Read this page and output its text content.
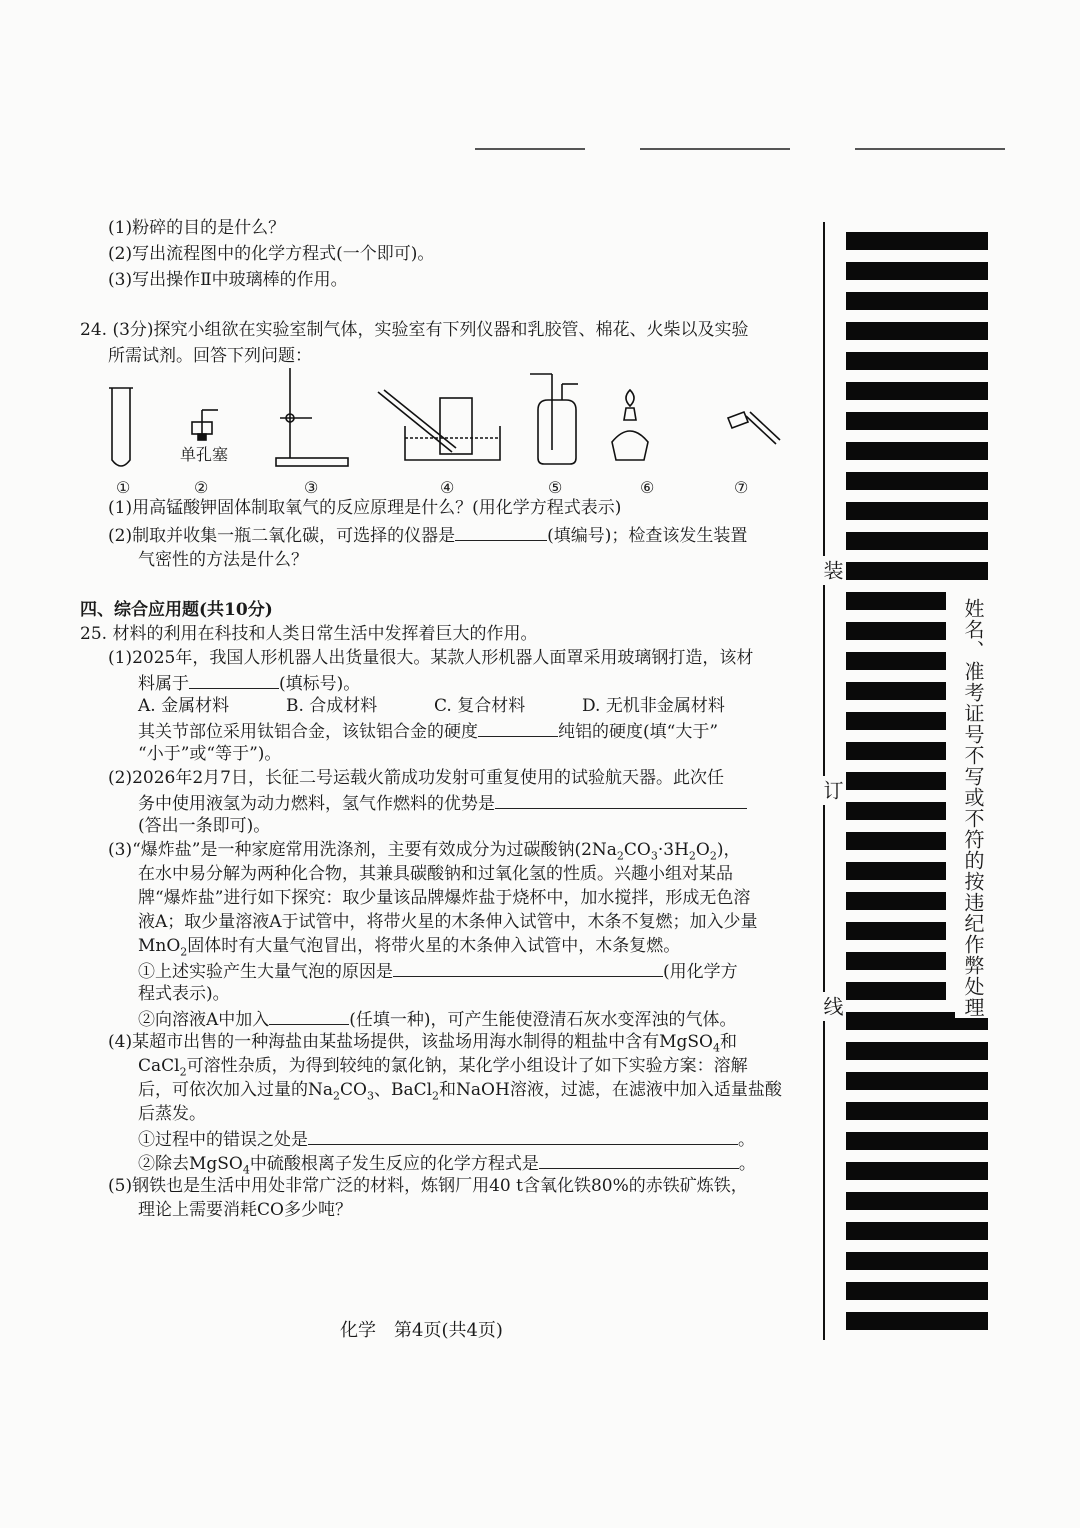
(1)粉碎的目的是什么？
(2)写出流程图中的化学方程式(一个即可)。
(3)写出操作Ⅱ中玻璃棒的作用。
24. (3分)探究小组欲在实验室制气体，实验室有下列仪器和乳胶管、棉花、火柴以及实验
所需试剂。回答下列问题：
单孔塞
①	②	③	④	⑤	⑥	⑦
(1)用高锰酸钾固体制取氧气的反应原理是什么？(用化学方程式表示)
(2)制取并收集一瓶二氧化碳，可选择的仪器是	(填编号)；检查该发生装置
气密性的方法是什么？
四、综合应用题(共10分)
25. 材料的利用在科技和人类日常生活中发挥着巨大的作用。
(1)2025年，我国人形机器人出货量很大。某款人形机器人面罩采用玻璃钢打造，该材
料属于	(填标号)。
A. 金属材料	B. 合成材料	C. 复合材料	D. 无机非金属材料
其关节部位采用钛铝合金，该钛铝合金的硬度	纯铝的硬度(填“大于”
“小于”或“等于”)。
(2)2026年2月7日，长征二号运载火箭成功发射可重复使用的试验航天器。此次任
务中使用液氢为动力燃料，氢气作燃料的优势是
(答出一条即可)。
(3)“爆炸盐”是一种家庭常用洗涤剂，主要有效成分为过碳酸钠$(2Na_2CO_3\cdot 3H_2O_2)$，
在水中易分解为两种化合物，其兼具碳酸钠和过氧化氢的性质。兴趣小组对某品
牌“爆炸盐”进行如下探究：取少量该品牌爆炸盐于烧杯中，加水搅拌，形成无色溶
液A；取少量溶液A于试管中，将带火星的木条伸入试管中，木条不复燃；加入少量
MnO$_2$固体时有大量气泡冒出，将带火星的木条伸入试管中，木条复燃。
①上述实验产生大量气泡的原因是	(用化学方
程式表示)。
②向溶液A中加入	(任填一种)，可产生能使澄清石灰水变浑浊的气体。
(4)某超市出售的一种海盐由某盐场提供，该盐场用海水制得的粗盐中含有MgSO$_4$和
CaCl$_2$可溶性杂质，为得到较纯的氯化钠，某化学小组设计了如下实验方案：溶解
后，可依次加入过量的$Na_2CO_3$、BaCl$_2$和NaOH溶液，过滤，在滤液中加入适量盐酸
后蒸发。
①过程中的错误之处是	。
②除去MgSO$_4$中硫酸根离子发生反应的化学方程式是	。
(5)钢铁也是生活中用处非常广泛的材料，炼钢厂用40 t含氧化铁80%的赤铁矿炼铁，
理论上需要消耗CO多少吨？
化学　第4页(共4页)
装
订
线	姓名、准考证号不写或不符的按违纪作弊处理
